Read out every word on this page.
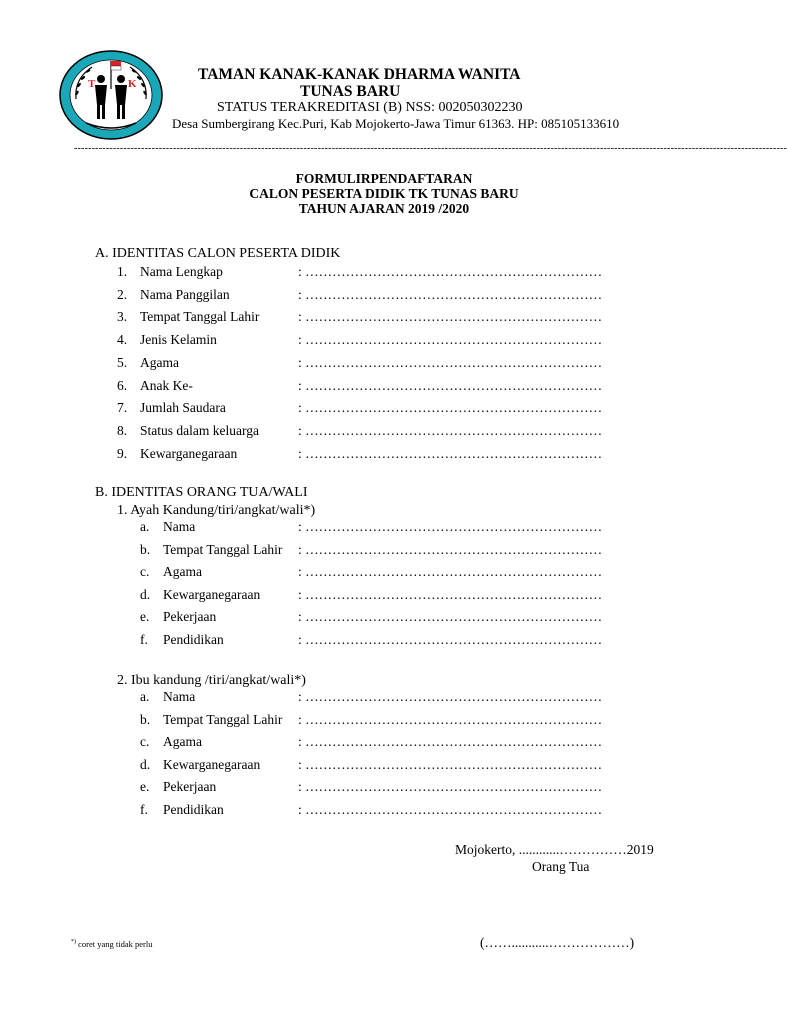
T	K
TAMAN KANAK-KANAK DHARMA WANITA
TUNAS BARU
STATUS TERAKREDITASI (B) NSS: 002050302230
Desa Sumbergirang Kec.Puri, Kab Mojokerto-Jawa Timur 61363. HP: 085105133610
----------------------------------------------------------------------------------------------------------------------------------------------------------------------------------------------------------
FORMULIRPENDAFTARAN
CALON PESERTA DIDIK TK TUNAS BARU
TAHUN AJARAN 2019 /2020
A. IDENTITAS CALON PESERTA DIDIK
1. Nama Lengkap	: …………………………………………………………
2. Nama Panggilan	: …………………………………………………………
3. Tempat Tanggal Lahir	: …………………………………………………………
4. Jenis Kelamin	: …………………………………………………………
5. Agama	: …………………………………………………………
6. Anak Ke-	: …………………………………………………………
7. Jumlah Saudara	: …………………………………………………………
8. Status dalam keluarga	: …………………………………………………………
9. Kewarganegaraan	: …………………………………………………………
B. IDENTITAS ORANG TUA/WALI
1. Ayah Kandung/tiri/angkat/wali*)
a. Nama	: …………………………………………………………
b. Tempat Tanggal Lahir : …………………………………………………………
c. Agama	: …………………………………………………………
d. Kewarganegaraan	: …………………………………………………………
e. Pekerjaan	: …………………………………………………………
f. Pendidikan	: …………………………………………………………
2. Ibu kandung /tiri/angkat/wali*)
a. Nama	: …………………………………………………………
b. Tempat Tanggal Lahir : …………………………………………………………
c. Agama	: …………………………………………………………
d. Kewarganegaraan	: …………………………………………………………
e. Pekerjaan	: …………………………………………………………
f. Pendidikan	: …………………………………………………………
Mojokerto, ............……………2019
Orang Tua
(……...........………………)
*) coret yang tidak perlu
